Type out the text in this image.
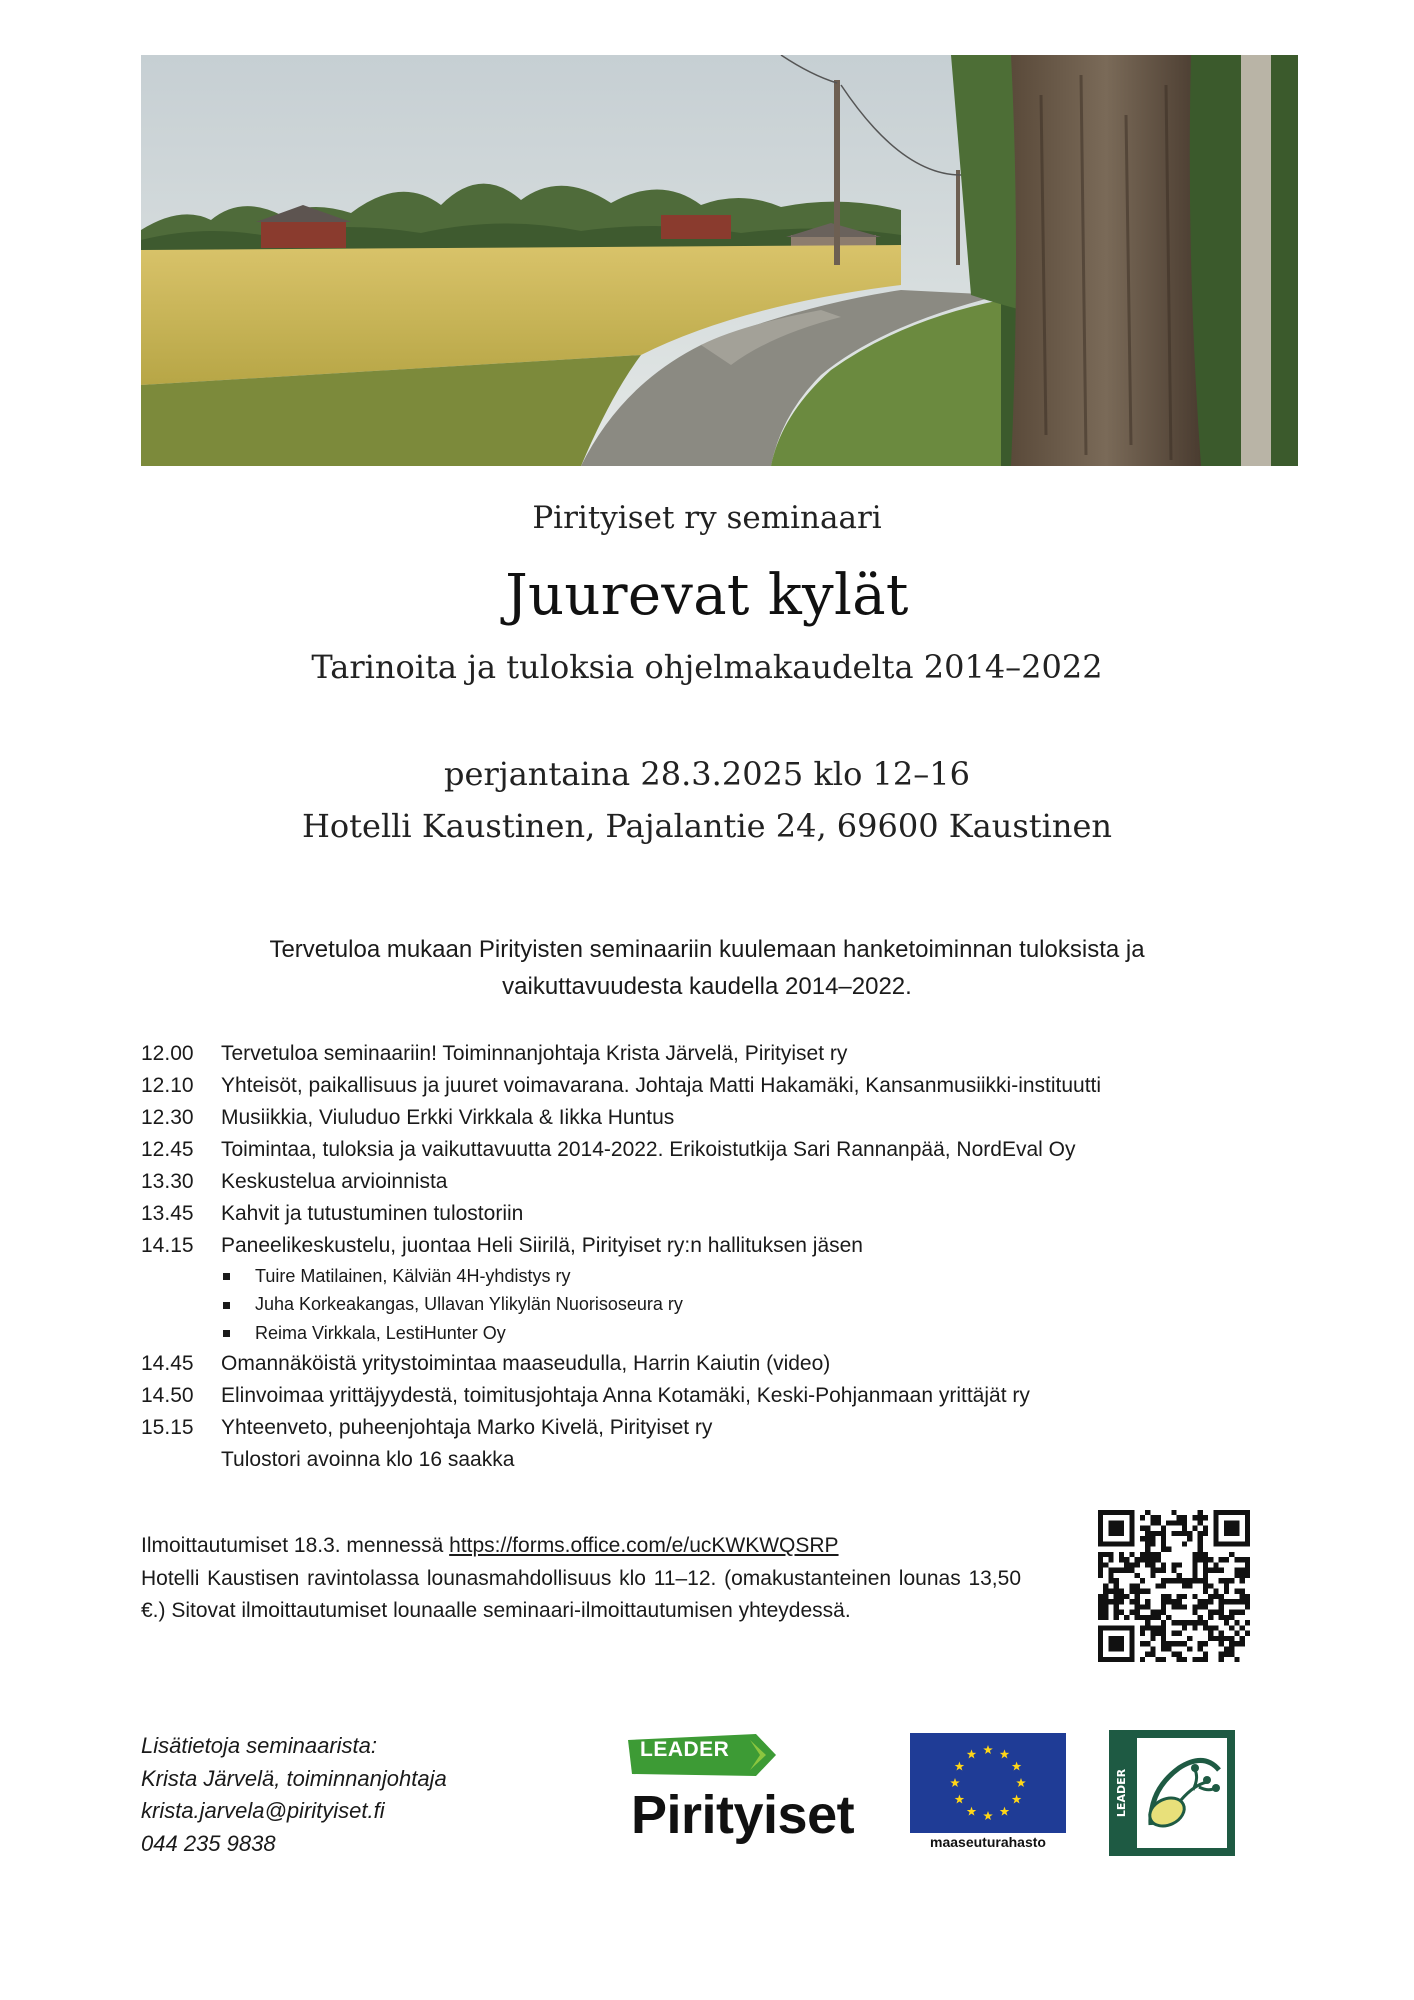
Pirityiset ry seminaari
Juurevat kylät
Tarinoita ja tuloksia ohjelmakaudelta 2014–2022
perjantaina 28.3.2025 klo 12–16
Hotelli Kaustinen, Pajalantie 24, 69600 Kaustinen
Tervetuloa mukaan Pirityisten seminaariin kuulemaan hanketoiminnan tuloksista ja
vaikuttavuudesta kaudella 2014–2022.
12.00	Tervetuloa seminaariin! Toiminnanjohtaja Krista Järvelä, Pirityiset ry
12.10	Yhteisöt, paikallisuus ja juuret voimavarana. Johtaja Matti Hakamäki, Kansanmusiikki-instituutti
12.30	Musiikkia, Viuluduo Erkki Virkkala & Iikka Huntus
12.45	Toimintaa, tuloksia ja vaikuttavuutta 2014-2022. Erikoistutkija Sari Rannanpää, NordEval Oy
13.30	Keskustelua arvioinnista
13.45	Kahvit ja tutustuminen tulostoriin
14.15	Paneelikeskustelu, juontaa Heli Siirilä, Pirityiset ry:n hallituksen jäsen
Tuire Matilainen, Kälviän 4H-yhdistys ry
Juha Korkeakangas, Ullavan Ylikylän Nuorisoseura ry
Reima Virkkala, LestiHunter Oy
14.45	Omannäköistä yritystoimintaa maaseudulla, Harrin Kaiutin (video)
14.50	Elinvoimaa yrittäjyydestä, toimitusjohtaja Anna Kotamäki, Keski-Pohjanmaan yrittäjät ry
15.15	Yhteenveto, puheenjohtaja Marko Kivelä, Pirityiset ry
Tulostori avoinna klo 16 saakka
Ilmoittautumiset 18.3. mennessä https://forms.office.com/e/ucKWKWQSRP
Hotelli Kaustisen ravintolassa lounasmahdollisuus klo 11–12. (omakustanteinen lounas 13,50 €.) Sitovat ilmoittautumiset lounaalle seminaari-ilmoittautumisen yhteydessä.
Lisätietoja seminaarista:
Krista Järvelä, toiminnanjohtaja
krista.jarvela@pirityiset.fi
044 235 9838
LEADER
Pirityiset	maaseuturahasto
LEADER
